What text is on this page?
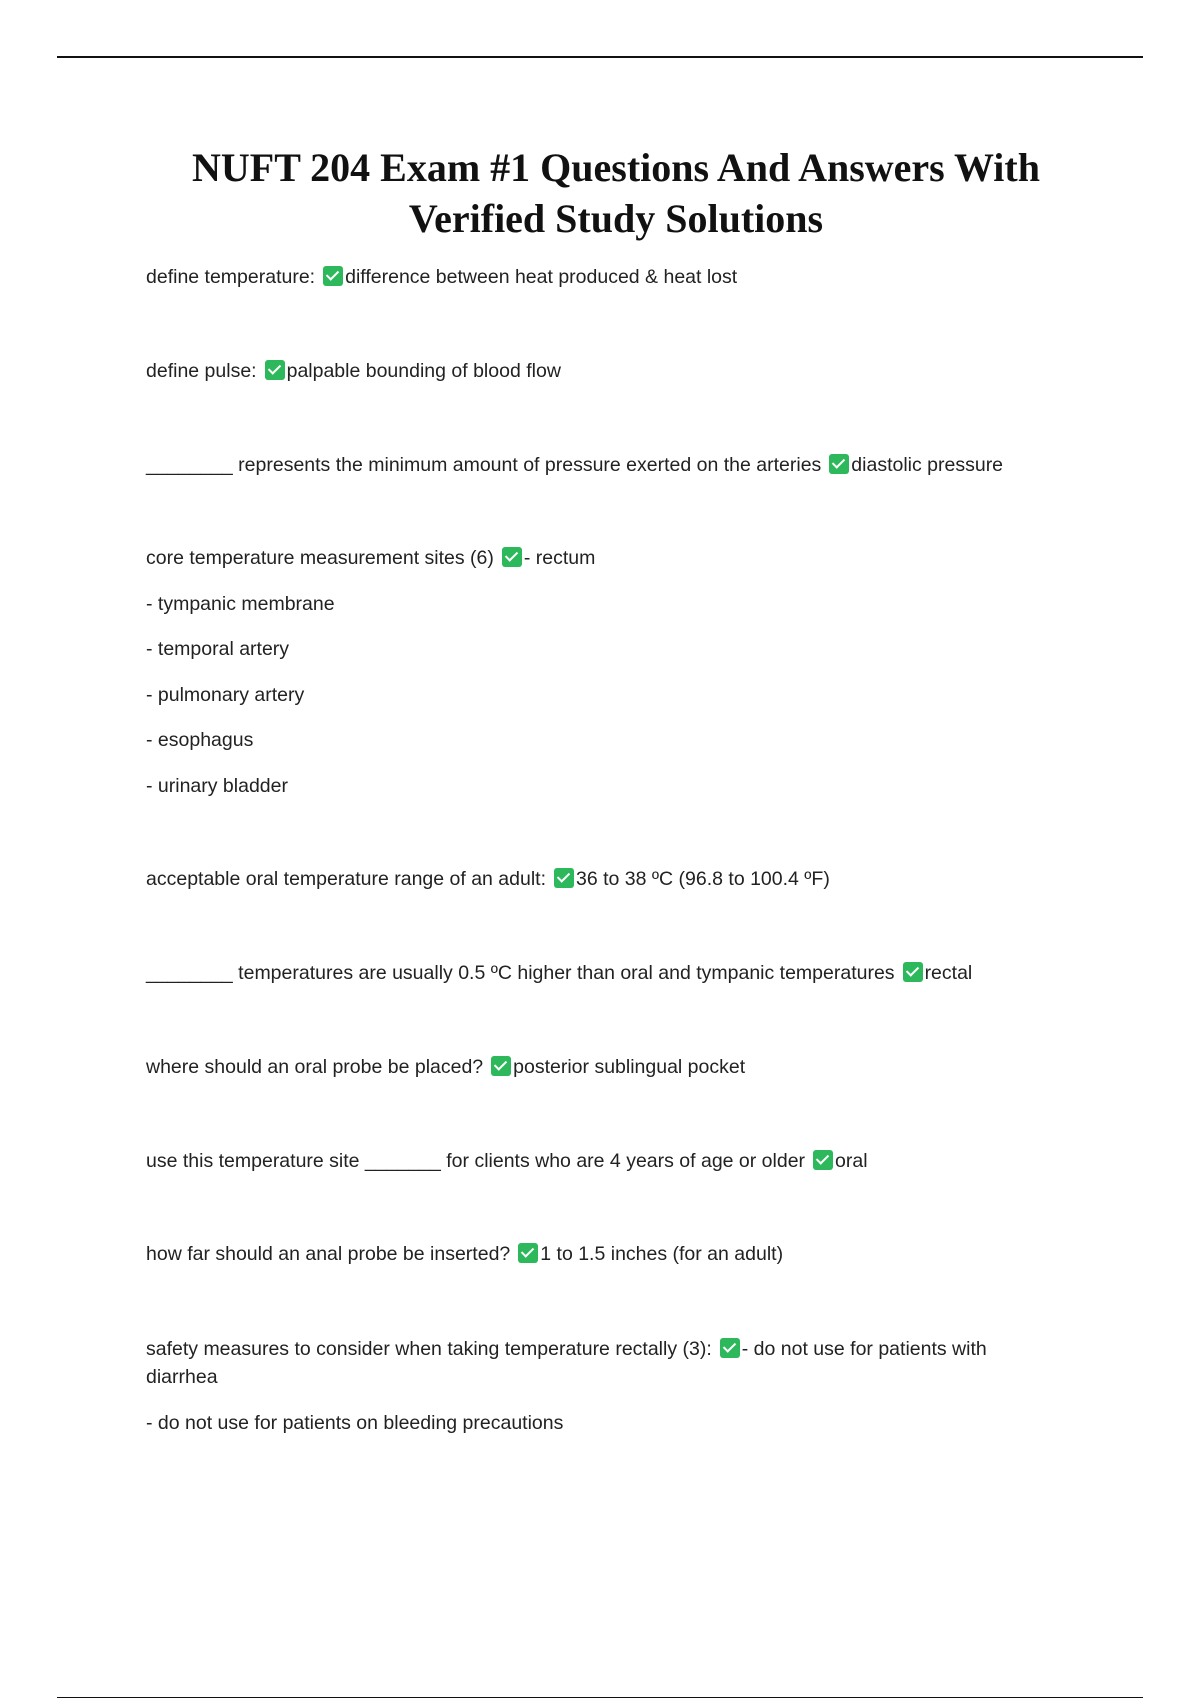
NUFT 204 Exam #1 Questions And Answers With Verified Study Solutions

define temperature: difference between heat produced & heat lost

define pulse: palpable bounding of blood flow

________ represents the minimum amount of pressure exerted on the arteries diastolic pressure

core temperature measurement sites (6) - rectum

- tympanic membrane

- temporal artery

- pulmonary artery

- esophagus

- urinary bladder

acceptable oral temperature range of an adult: 36 to 38 ºC (96.8 to 100.4 ºF)

________ temperatures are usually 0.5 ºC higher than oral and tympanic temperatures rectal

where should an oral probe be placed? posterior sublingual pocket

use this temperature site _______ for clients who are 4 years of age or older oral

how far should an anal probe be inserted? 1 to 1.5 inches (for an adult)

safety measures to consider when taking temperature rectally (3): - do not use for patients with diarrhea

- do not use for patients on bleeding precautions
